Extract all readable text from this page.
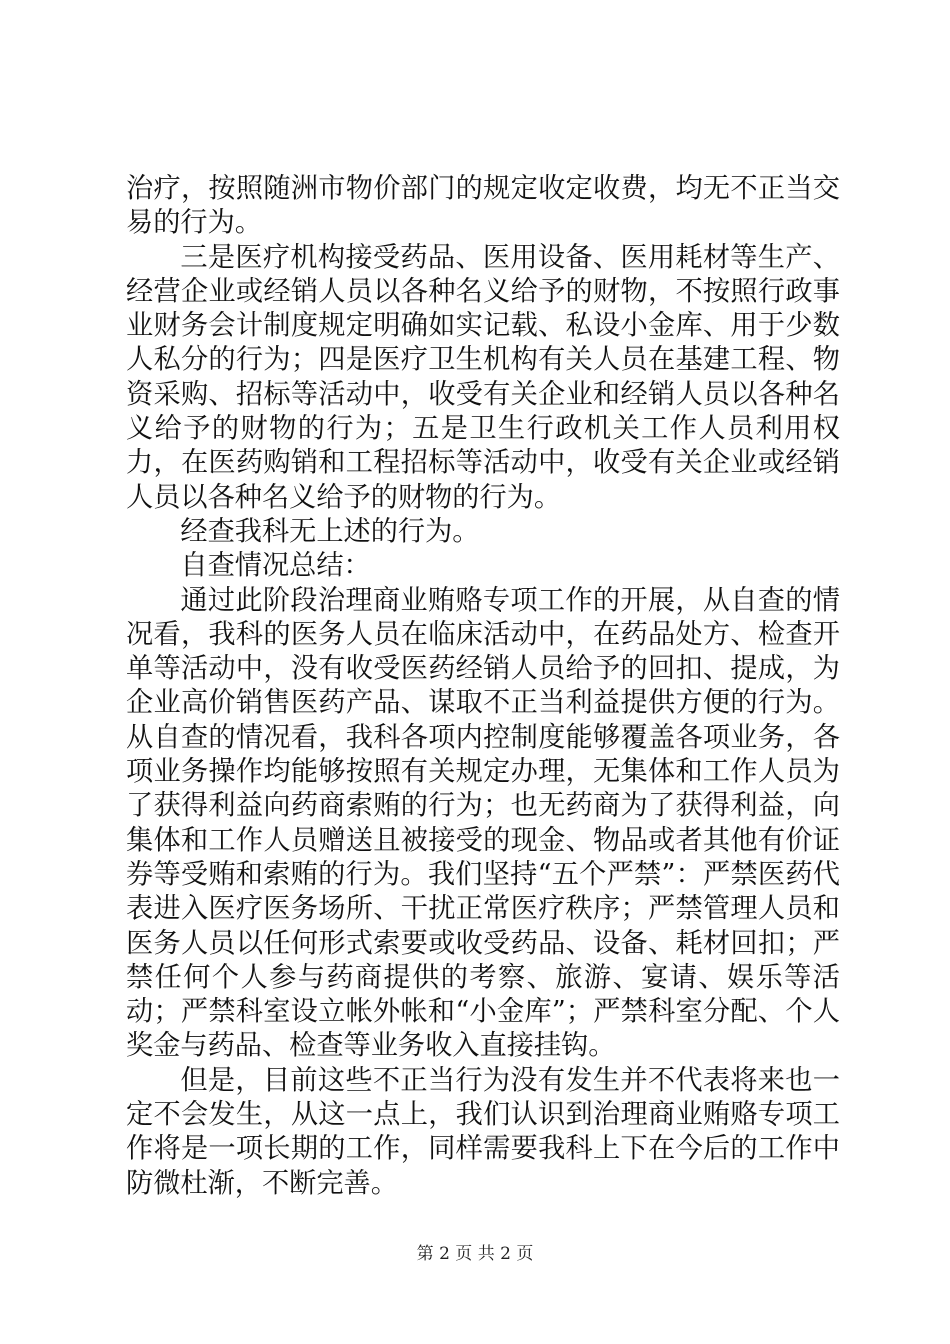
治疗，按照随洲市物价部门的规定收定收费，均无不正当交易的行为。

三是医疗机构接受药品、医用设备、医用耗材等生产、经营企业或经销人员以各种名义给予的财物，不按照行政事业财务会计制度规定明确如实记载、私设小金库、用于少数人私分的行为；四是医疗卫生机构有关人员在基建工程、物资采购、招标等活动中，收受有关企业和经销人员以各种名义给予的财物的行为；五是卫生行政机关工作人员利用权力，在医药购销和工程招标等活动中，收受有关企业或经销人员以各种名义给予的财物的行为。

经查我科无上述的行为。

自查情况总结：

通过此阶段治理商业贿赂专项工作的开展，从自查的情况看，我科的医务人员在临床活动中，在药品处方、检查开单等活动中，没有收受医药经销人员给予的回扣、提成，为企业高价销售医药产品、谋取不正当利益提供方便的行为。从自查的情况看，我科各项内控制度能够覆盖各项业务，各项业务操作均能够按照有关规定办理，无集体和工作人员为了获得利益向药商索贿的行为；也无药商为了获得利益，向集体和工作人员赠送且被接受的现金、物品或者其他有价证券等受贿和索贿的行为。我们坚持“五个严禁”：严禁医药代表进入医疗医务场所、干扰正常医疗秩序；严禁管理人员和医务人员以任何形式索要或收受药品、设备、耗材回扣；严禁任何个人参与药商提供的考察、旅游、宴请、娱乐等活动；严禁科室设立帐外帐和“小金库”；严禁科室分配、个人奖金与药品、检查等业务收入直接挂钩。

但是，目前这些不正当行为没有发生并不代表将来也一定不会发生，从这一点上，我们认识到治理商业贿赂专项工作将是一项长期的工作，同样需要我科上下在今后的工作中防微杜渐，不断完善。

第 2 页 共 2 页
